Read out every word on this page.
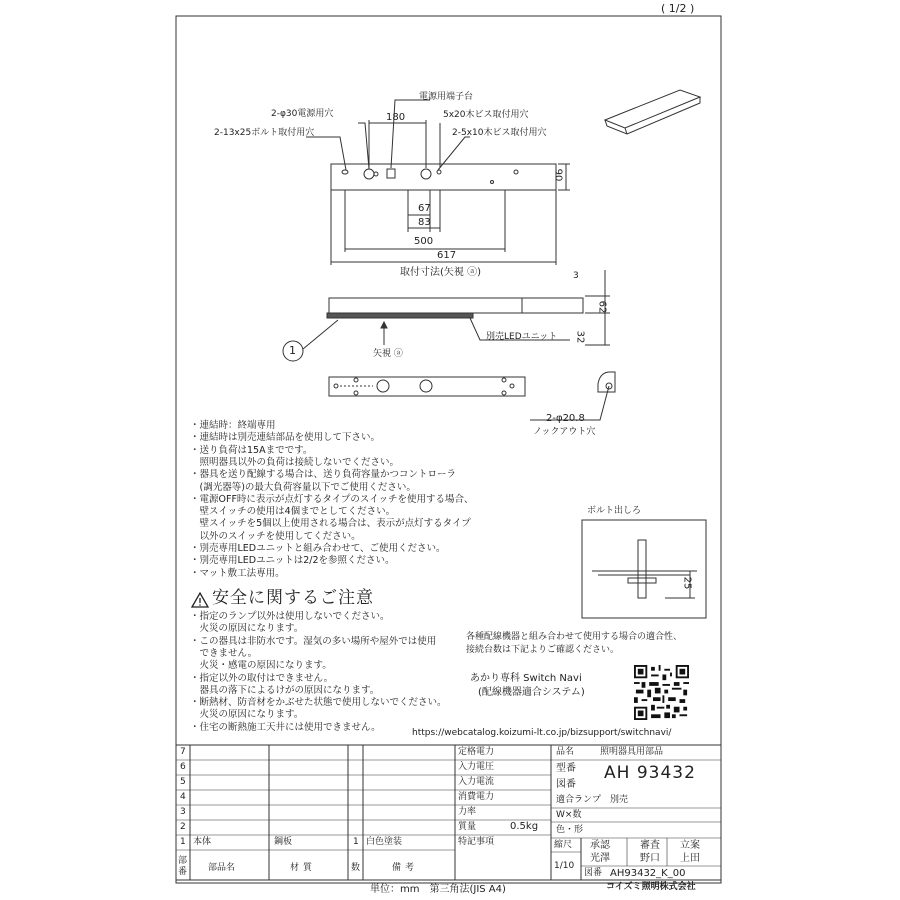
( 1/2 )
電源用端子台
2-φ30電源用穴
2-13x25ボルト取付用穴
5x20木ビス取付用穴
2-5x10木ビス取付用穴
180
90
67
83
500
617
取付寸法(矢視 ⓐ)	3
62
32
別売LEDユニット
1	矢視 ⓐ
2-φ20.8
ノックアウト穴
ボルト出しろ
25
・連結時：終端専用
・連結時は別売連結部品を使用して下さい。
・送り負荷は15Aまでです。
　照明器具以外の負荷は接続しないでください。
・器具を送り配線する場合は、送り負荷容量かつコントローラ
　(調光器等)の最大負荷容量以下でご使用ください。
・電源OFF時に表示が点灯するタイプのスイッチを使用する場合、
　壁スイッチの使用は4個までとしてください。
　壁スイッチを5個以上使用される場合は、表示が点灯するタイプ
　以外のスイッチを使用してください。
・別売専用LEDユニットと組み合わせて、ご使用ください。
・別売専用LEDユニットは2/2を参照ください。
・マット敷工法専用。
安全に関するご注意
・指定のランプ以外は使用しないでください。
　火災の原因になります。
・この器具は非防水です。湿気の多い場所や屋外では使用
　できません。
　火災・感電の原因になります。
・指定以外の取付はできません。
　器具の落下によるけがの原因になります。
・断熱材、防音材をかぶせた状態で使用しないでください。
　火災の原因になります。
・住宅の断熱施工天井には使用できません。
各種配線機器と組み合わせて使用する場合の適合性、
接続台数は下記よりご確認ください。
あかり専科 Switch Navi
(配線機器適合システム)
https://webcatalog.koizumi-lt.co.jp/bizsupport/switchnavi/
7
6
5
4
3
2
1 本体	鋼板	1 白色塗装
部番 部品名	材質	数	備考
定格電力
入力電圧
入力電流
消費電力
力率
質量	0.5kg
特記事項
品名	照明器具用部品
型番
図番
AH 93432
適合ランプ 別売
W×数
色・形
縮尺
1/10
承認	審査 立案
光澤	野口 上田
図番 AH93432_K_00
コイズミ照明株式会社
単位：mm　第三角法(JIS A4)
